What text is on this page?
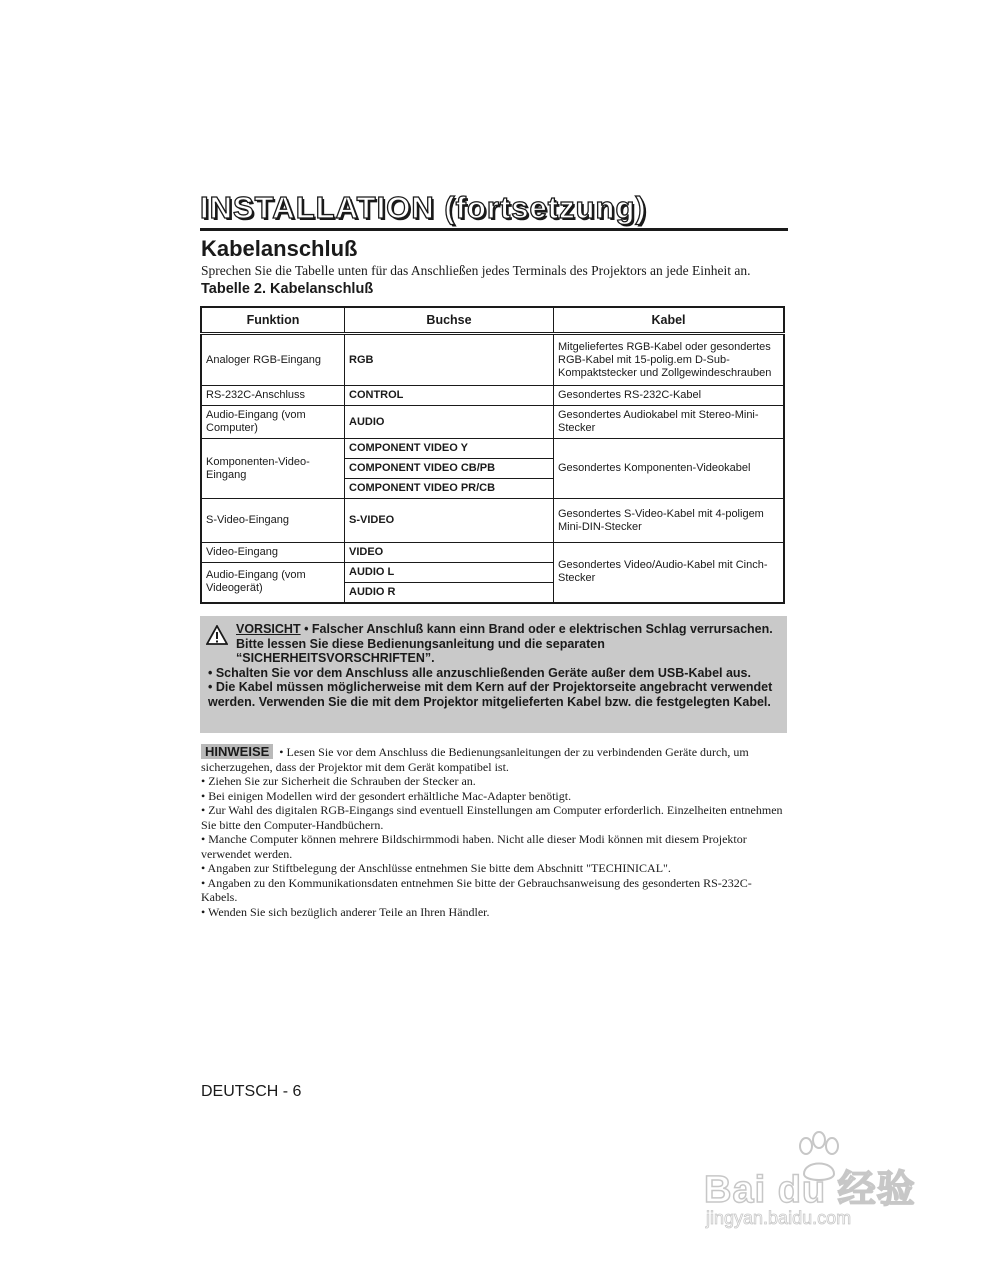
INSTALLATION (fortsetzung)
Kabelanschluß
Sprechen Sie die Tabelle unten für das Anschließen jedes Terminals des Projektors an jede Einheit an.
Tabelle 2. Kabelanschluß
Funktion	Buchse	Kabel
Analoger RGB-Eingang	RGB	Mitgeliefertes RGB-Kabel oder gesondertes RGB-Kabel mit 15-polig.em D-Sub-Kompaktstecker und Zollgewindeschrauben
RS-232C-Anschluss	CONTROL	Gesondertes RS-232C-Kabel
Audio-Eingang (vom Computer)	AUDIO	Gesondertes Audiokabel mit Stereo-Mini-Stecker
Komponenten-Video-Eingang	COMPONENT VIDEO Y	Gesondertes Komponenten-Videokabel
	COMPONENT VIDEO CB/PB	
	COMPONENT VIDEO PR/CB	
S-Video-Eingang	S-VIDEO	Gesondertes S-Video-Kabel mit 4-poligem Mini-DIN-Stecker
Video-Eingang	VIDEO	Gesondertes Video/Audio-Kabel mit Cinch-Stecker
Audio-Eingang (vom Videogerät)	AUDIO L	
	AUDIO R	
VORSICHT • Falscher Anschluß kann einn Brand oder e elektrischen Schlag verrursachen. Bitte lessen Sie diese Bedienungsanleitung und die separaten “SICHERHEITSVORSCHRIFTEN”.
• Schalten Sie vor dem Anschluss alle anzuschließenden Geräte außer dem USB-Kabel aus.
• Die Kabel müssen möglicherweise mit dem Kern auf der Projektorseite angebracht verwendet werden. Verwenden Sie die mit dem Projektor mitgelieferten Kabel bzw. die festgelegten Kabel.
HINWEISE • Lesen Sie vor dem Anschluss die Bedienungsanleitungen der zu verbindenden Geräte durch, um sicherzugehen, dass der Projektor mit dem Gerät kompatibel ist.
• Ziehen Sie zur Sicherheit die Schrauben der Stecker an.
• Bei einigen Modellen wird der gesondert erhältliche Mac-Adapter benötigt.
• Zur Wahl des digitalen RGB-Eingangs sind eventuell Einstellungen am Computer erforderlich. Einzelheiten entnehmen Sie bitte den Computer-Handbüchern.
• Manche Computer können mehrere Bildschirmmodi haben. Nicht alle dieser Modi können mit diesem Projektor verwendet werden.
• Angaben zur Stiftbelegung der Anschlüsse entnehmen Sie bitte dem Abschnitt "TECHINICAL".
• Angaben zu den Kommunikationsdaten entnehmen Sie bitte der Gebrauchsanweisung des gesonderten RS-232C-Kabels.
• Wenden Sie sich bezüglich anderer Teile an Ihren Händler.
DEUTSCH - 6
Bai du 经验
jingyan.baidu.com
